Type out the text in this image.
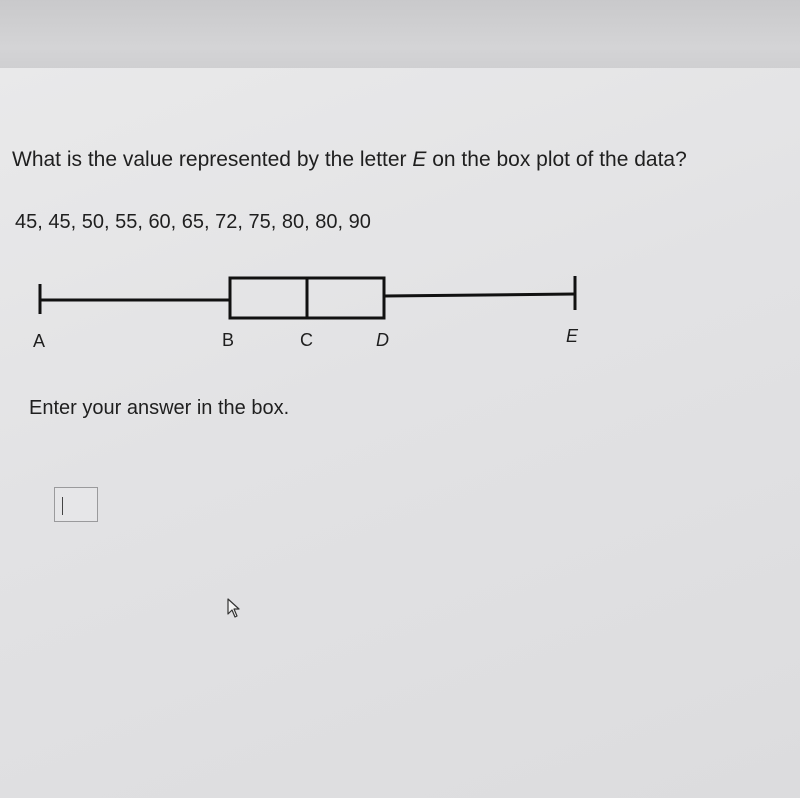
What is the value represented by the letter E on the box plot of the data?
45, 45, 50, 55, 60, 65, 72, 75, 80, 80, 90
A	B	C	D	E
Enter your answer in the box.
